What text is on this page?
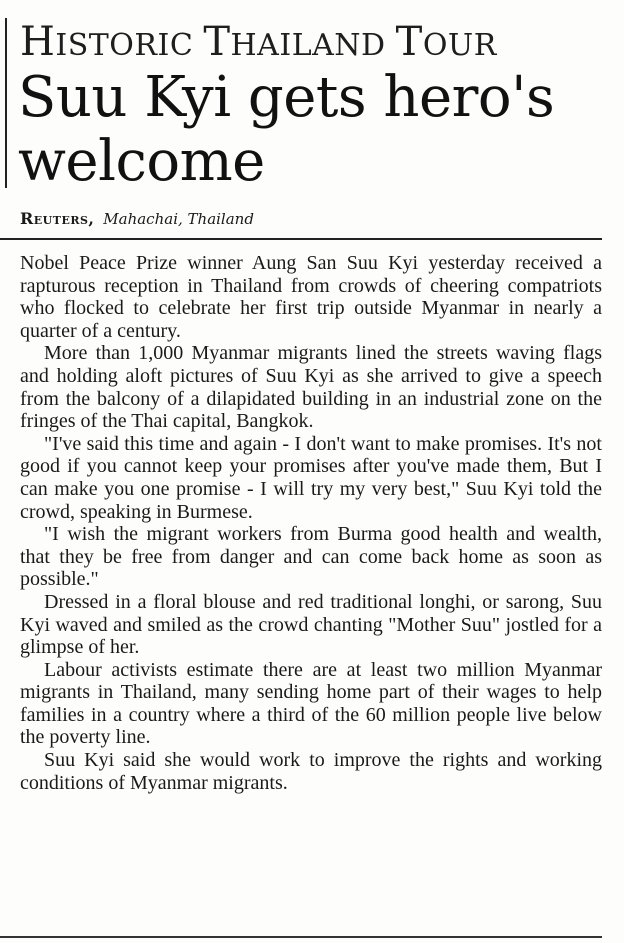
HISTORIC THAILAND TOUR
Suu Kyi gets hero's welcome
Reuters, Mahachai, Thailand

Nobel Peace Prize winner Aung San Suu Kyi yesterday received a rapturous reception in Thailand from crowds of cheering compatriots who flocked to celebrate her first trip outside Myanmar in nearly a quarter of a century.

More than 1,000 Myanmar migrants lined the streets waving flags and holding aloft pictures of Suu Kyi as she arrived to give a speech from the balcony of a dilapidated building in an industrial zone on the fringes of the Thai capital, Bangkok.

"I've said this time and again - I don't want to make promises. It's not good if you cannot keep your promises after you've made them, But I can make you one promise - I will try my very best," Suu Kyi told the crowd, speaking in Burmese.

"I wish the migrant workers from Burma good health and wealth, that they be free from danger and can come back home as soon as possible."

Dressed in a floral blouse and red traditional longhi, or sarong, Suu Kyi waved and smiled as the crowd chanting "Mother Suu" jostled for a glimpse of her.

Labour activists estimate there are at least two million Myanmar migrants in Thailand, many sending home part of their wages to help families in a country where a third of the 60 million people live below the poverty line.

Suu Kyi said she would work to improve the rights and working conditions of Myanmar migrants.
